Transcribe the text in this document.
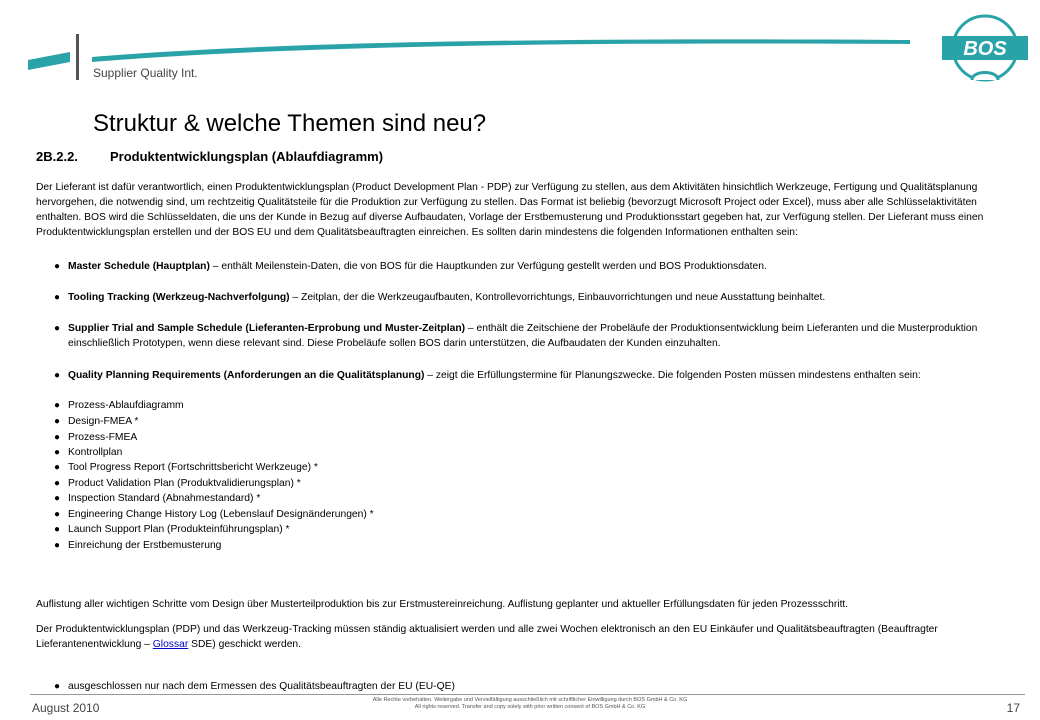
BOS
Supplier Quality Int.
Struktur & welche Themen sind neu?
2B.2.2. Produktentwicklungsplan (Ablaufdiagramm)

Der Lieferant ist dafür verantwortlich, einen Produktentwicklungsplan (Product Development Plan - PDP) zur Verfügung zu stellen, aus dem Aktivitäten hinsichtlich Werkzeuge, Fertigung und Qualitätsplanung
hervorgehen, die notwendig sind, um rechtzeitig Qualitätsteile für die Produktion zur Verfügung zu stellen. Das Format ist beliebig (bevorzugt Microsoft Project oder Excel), muss aber alle Schlüsselaktivitäten
enthalten. BOS wird die Schlüsseldaten, die uns der Kunde in Bezug auf diverse Aufbaudaten, Vorlage der Erstbemusterung und Produktionsstart gegeben hat, zur Verfügung stellen. Der Lieferant muss einen
Produktentwicklungsplan erstellen und der BOS EU und dem Qualitätsbeauftragten einreichen. Es sollten darin mindestens die folgenden Informationen enthalten sein:

● Master Schedule (Hauptplan) – enthält Meilenstein-Daten, die von BOS für die Hauptkunden zur Verfügung gestellt werden und BOS Produktionsdaten.
● Tooling Tracking (Werkzeug-Nachverfolgung) – Zeitplan, der die Werkzeugaufbauten, Kontrollevorrichtungs, Einbauvorrichtungen und neue Ausstattung beinhaltet.
● Supplier Trial and Sample Schedule (Lieferanten-Erprobung und Muster-Zeitplan) – enthält die Zeitschiene der Probeläufe der Produktionsentwicklung beim Lieferanten und die Musterproduktion
einschließlich Prototypen, wenn diese relevant sind. Diese Probeläufe sollen BOS darin unterstützen, die Aufbaudaten der Kunden einzuhalten.
● Quality Planning Requirements (Anforderungen an die Qualitätsplanung) – zeigt die Erfüllungstermine für Planungszwecke. Die folgenden Posten müssen mindestens enthalten sein:
● Prozess-Ablaufdiagramm
● Design-FMEA *
● Prozess-FMEA
● Kontrollplan
● Tool Progress Report (Fortschrittsbericht Werkzeuge) *
● Product Validation Plan (Produktvalidierungsplan) *
● Inspection Standard (Abnahmestandard) *
● Engineering Change History Log (Lebenslauf Designänderungen) *
● Launch Support Plan (Produkteinführungsplan) *
● Einreichung der Erstbemusterung

Auflistung aller wichtigen Schritte vom Design über Musterteilproduktion bis zur Erstmustereinreichung. Auflistung geplanter und aktueller Erfüllungsdaten für jeden Prozessschritt.

Der Produktentwicklungsplan (PDP) und das Werkzeug-Tracking müssen ständig aktualisiert werden und alle zwei Wochen elektronisch an den EU Einkäufer und Qualitätsbeauftragten (Beauftragter
Lieferantenentwicklung – Glossar SDE) geschickt werden.

● ausgeschlossen nur nach dem Ermessen des Qualitätsbeauftragten der EU (EU-QE)
August 2010
Alle Rechte vorbehalten. Weitergabe und Vervielfältigung ausschließlich mit schriftlicher Einwilligung durch BOS GmbH & Co. KG
All rights reserved. Transfer and copy solely with prior written consent of BOS GmbH & Co. KG	17
